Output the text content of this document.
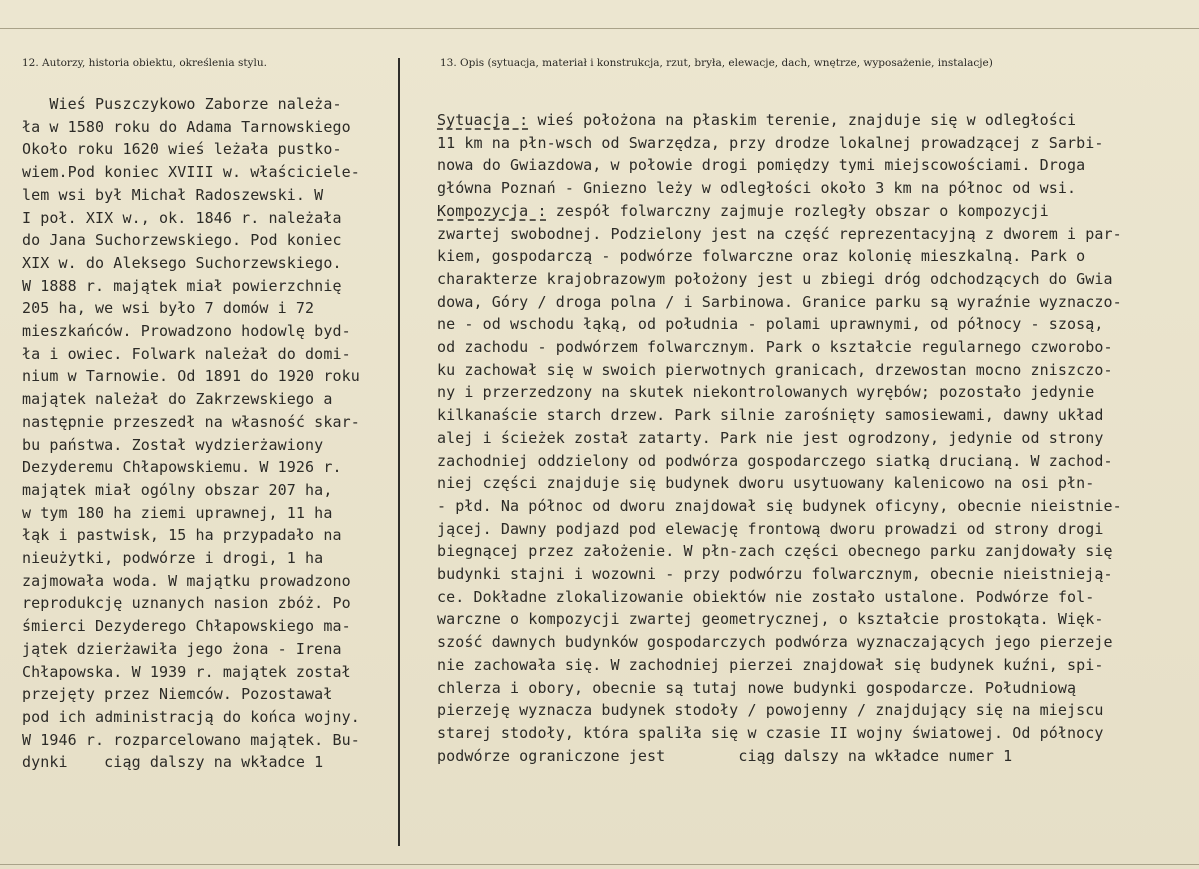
12. Autorzy, historia obiektu, określenia stylu.	13. Opis (sytuacja, materiał i konstrukcja, rzut, bryła, elewacje, dach, wnętrze, wyposażenie, instalacje)
Wieś Puszczykowo Zaborze należa-
ła w 1580 roku do Adama Tarnowskiego
Około roku 1620 wieś leżała pustko-
wiem.Pod koniec XVIII w. właściciele-
lem wsi był Michał Radoszewski. W
I poł. XIX w., ok. 1846 r. należała
do Jana Suchorzewskiego. Pod koniec
XIX w. do Aleksego Suchorzewskiego.
W 1888 r. majątek miał powierzchnię
205 ha, we wsi było 7 domów i 72
mieszkańców. Prowadzono hodowlę byd-
ła i owiec. Folwark należał do domi-
nium w Tarnowie. Od 1891 do 1920 roku
majątek należał do Zakrzewskiego a
następnie przeszedł na własność skar-
bu państwa. Został wydzierżawiony
Dezyderemu Chłapowskiemu. W 1926 r.
majątek miał ogólny obszar 207 ha,
w tym 180 ha ziemi uprawnej, 11 ha
łąk i pastwisk, 15 ha przypadało na
nieużytki, podwórze i drogi, 1 ha
zajmowała woda. W majątku prowadzono
reprodukcję uznanych nasion zbóż. Po
śmierci Dezyderego Chłapowskiego ma-
jątek dzierżawiła jego żona - Irena
Chłapowska. W 1939 r. majątek został
przejęty przez Niemców. Pozostawał
pod ich administracją do końca wojny.
W 1946 r. rozparcelowano majątek. Bu-
dynki    ciąg dalszy na wkładce 1
Sytuacja : wieś położona na płaskim terenie, znajduje się w odległości
11 km na płn-wsch od Swarzędza, przy drodze lokalnej prowadzącej z Sarbi-
nowa do Gwiazdowa, w połowie drogi pomiędzy tymi miejscowościami. Droga
główna Poznań - Gniezno leży w odległości około 3 km na północ od wsi.
Kompozycja : zespół folwarczny zajmuje rozległy obszar o kompozycji
zwartej swobodnej. Podzielony jest na część reprezentacyjną z dworem i par-
kiem, gospodarczą - podwórze folwarczne oraz kolonię mieszkalną. Park o
charakterze krajobrazowym położony jest u zbiegi dróg odchodzących do Gwia
dowa, Góry / droga polna / i Sarbinowa. Granice parku są wyraźnie wyznaczo-
ne - od wschodu łąką, od południa - polami uprawnymi, od północy - szosą,
od zachodu - podwórzem folwarcznym. Park o kształcie regularnego czworobo-
ku zachował się w swoich pierwotnych granicach, drzewostan mocno zniszczo-
ny i przerzedzony na skutek niekontrolowanych wyrębów; pozostało jedynie
kilkanaście starch drzew. Park silnie zarośnięty samosiewami, dawny układ
alej i ścieżek został zatarty. Park nie jest ogrodzony, jedynie od strony
zachodniej oddzielony od podwórza gospodarczego siatką drucianą. W zachod-
niej części znajduje się budynek dworu usytuowany kalenicowo na osi płn-
- płd. Na północ od dworu znajdował się budynek oficyny, obecnie nieistnie-
jącej. Dawny podjazd pod elewację frontową dworu prowadzi od strony drogi
biegnącej przez założenie. W płn-zach części obecnego parku zanjdowały się
budynki stajni i wozowni - przy podwórzu folwarcznym, obecnie nieistnieją-
ce. Dokładne zlokalizowanie obiektów nie zostało ustalone. Podwórze fol-
warczne o kompozycji zwartej geometrycznej, o kształcie prostokąta. Więk-
szość dawnych budynków gospodarczych podwórza wyznaczających jego pierzeje
nie zachowała się. W zachodniej pierzei znajdował się budynek kuźni, spi-
chlerza i obory, obecnie są tutaj nowe budynki gospodarcze. Południową
pierzeję wyznacza budynek stodoły / powojenny / znajdujący się na miejscu
starej stodoły, która spaliła się w czasie II wojny światowej. Od północy
podwórze ograniczone jest        ciąg dalszy na wkładce numer 1
